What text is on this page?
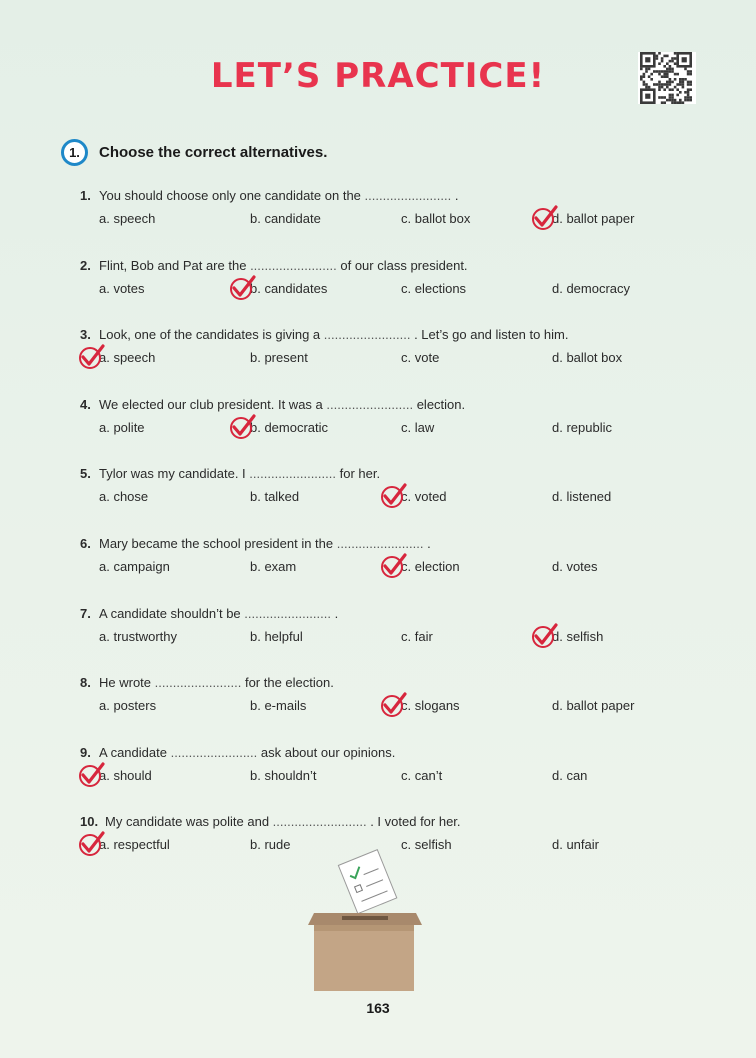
LET’S PRACTICE!
1.	Choose the correct alternatives.
1. You should choose only one candidate on the ........................ .
a. speech	b. candidate	c. ballot box	d. ballot paper
2. Flint, Bob and Pat are the ........................ of our class president.
a. votes	b. candidates	c. elections	d. democracy
3. Look, one of the candidates is giving a ........................ . Let’s go and listen to him.
a. speech	b. present	c. vote	d. ballot box
4. We elected our club president. It was a ........................ election.
a. polite	b. democratic	c. law	d. republic
5. Tylor was my candidate. I ........................ for her.
a. chose	b. talked	c. voted	d. listened
6. Mary became the school president in the ........................ .
a. campaign	b. exam	c. election	d. votes
7. A candidate shouldn’t be ........................ .
a. trustworthy	b. helpful	c. fair	d. selfish
8. He wrote ........................ for the election.
a. posters	b. e-mails	c. slogans	d. ballot paper
9. A candidate ........................ ask about our opinions.
a. should	b. shouldn’t	c. can’t	d. can
10. My candidate was polite and .......................... . I voted for her.
a. respectful	b. rude	c. selfish	d. unfair
163
